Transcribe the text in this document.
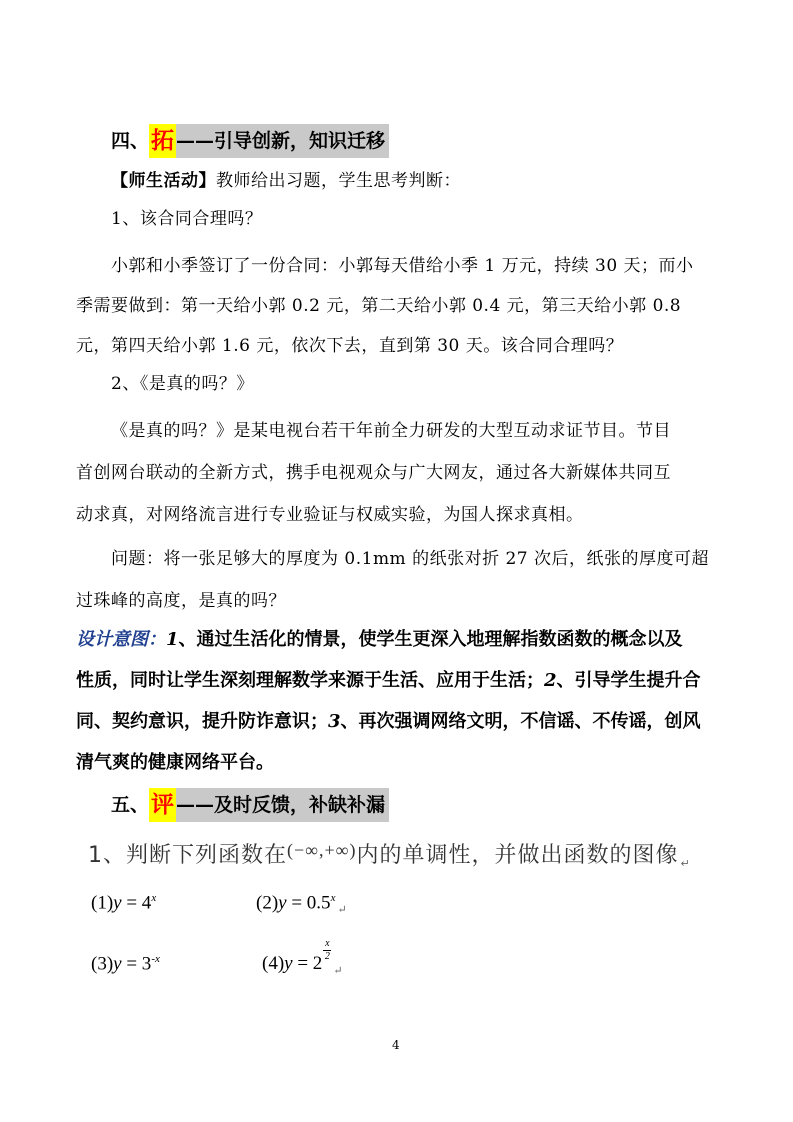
四、拓 ——引导创新，知识迁移
【师生活动】教师给出习题，学生思考判断：
1、该合同合理吗？
小郭和小季签订了一份合同：小郭每天借给小季 1 万元，持续 30 天；而小
季需要做到：第一天给小郭 0.2 元，第二天给小郭 0.4 元，第三天给小郭 0.8
元，第四天给小郭 1.6 元，依次下去，直到第 30 天。该合同合理吗？
2、《是真的吗？》
《是真的吗？》是某电视台若干年前全力研发的大型互动求证节目。节目
首创网台联动的全新方式，携手电视观众与广大网友，通过各大新媒体共同互
动求真，对网络流言进行专业验证与权威实验，为国人探求真相。
问题：将一张足够大的厚度为 0.1mm 的纸张对折 27 次后，纸张的厚度可超
过珠峰的高度，是真的吗？
设计意图：1、通过生活化的情景，使学生更深入地理解指数函数的概念以及
性质，同时让学生深刻理解数学来源于生活、应用于生活；2、引导学生提升合
同、契约意识，提升防诈意识；3、再次强调网络文明，不信谣、不传谣，创风
清气爽的健康网络平台。
五、评 ——及时反馈，补缺补漏
1、判断下列函数在(−∞,+∞)内的单调性，并做出函数的图像 $_↵$
$(1)y = 4^x$	$(2)y = 0.5^x_↵$
$(3)y = 3^{-x}$	$(4)y = 2\frac{x}{2}_↵$
4
